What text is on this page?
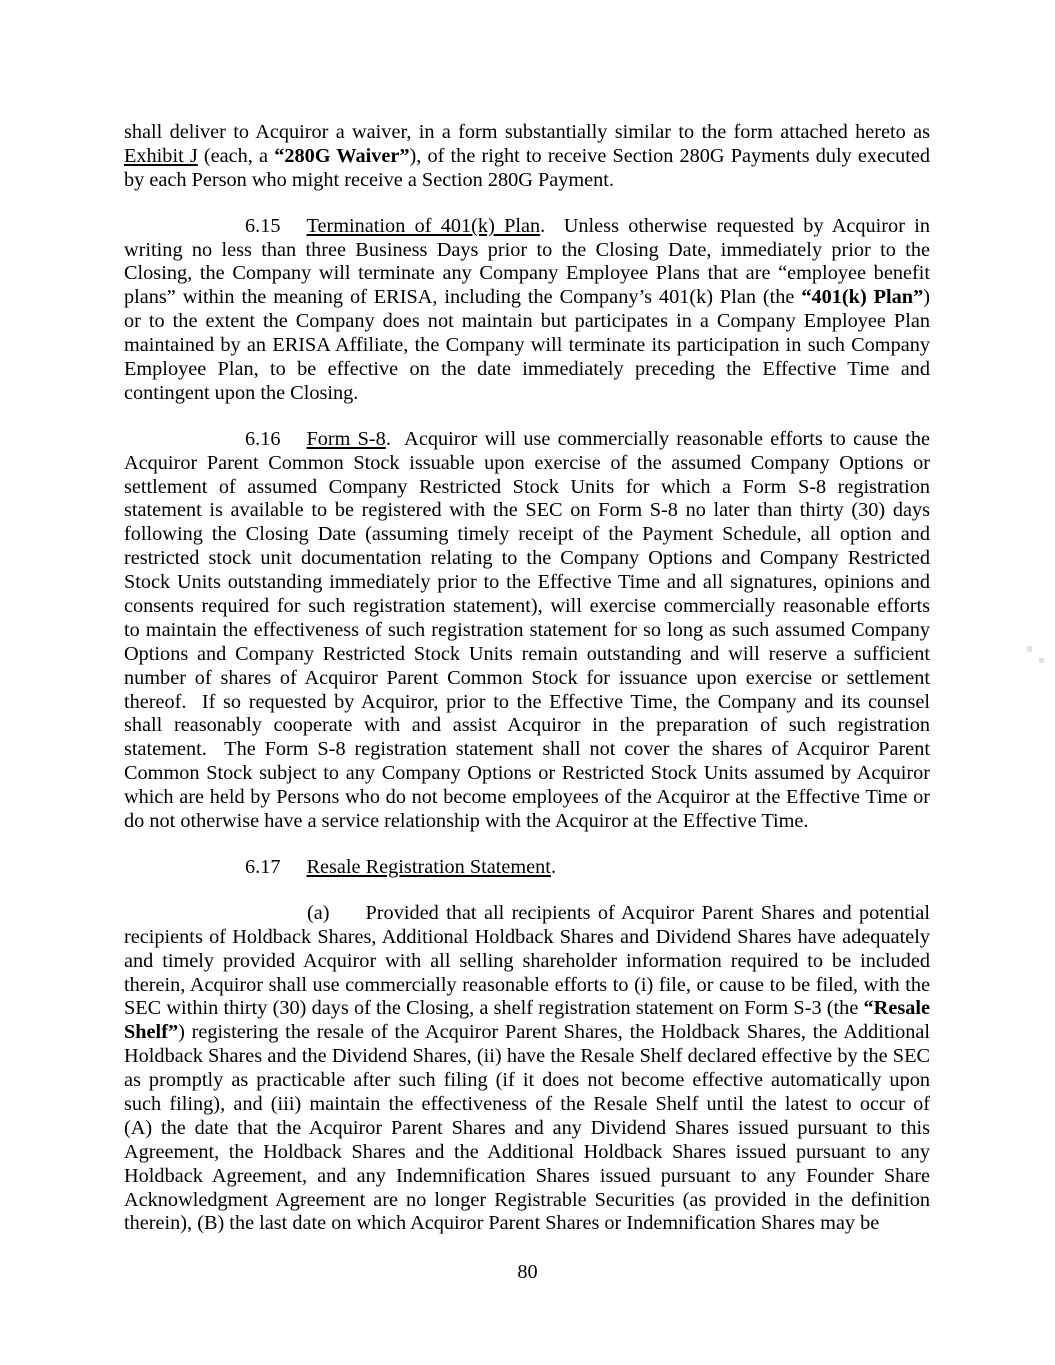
shall deliver to Acquiror a waiver, in a form substantially similar to the form attached hereto as
Exhibit J (each, a “280G Waiver”), of the right to receive Section 280G Payments duly executed
by each Person who might receive a Section 280G Payment.
6.15 Termination of 401(k) Plan.  Unless otherwise requested by Acquiror in
writing no less than three Business Days prior to the Closing Date, immediately prior to the
Closing, the Company will terminate any Company Employee Plans that are “employee benefit
plans” within the meaning of ERISA, including the Company’s 401(k) Plan (the “401(k) Plan”)
or to the extent the Company does not maintain but participates in a Company Employee Plan
maintained by an ERISA Affiliate, the Company will terminate its participation in such Company
Employee Plan, to be effective on the date immediately preceding the Effective Time and
contingent upon the Closing.
6.16 Form S-8.  Acquiror will use commercially reasonable efforts to cause the
Acquiror Parent Common Stock issuable upon exercise of the assumed Company Options or
settlement of assumed Company Restricted Stock Units for which a Form S-8 registration
statement is available to be registered with the SEC on Form S-8 no later than thirty (30) days
following the Closing Date (assuming timely receipt of the Payment Schedule, all option and
restricted stock unit documentation relating to the Company Options and Company Restricted
Stock Units outstanding immediately prior to the Effective Time and all signatures, opinions and
consents required for such registration statement), will exercise commercially reasonable efforts
to maintain the effectiveness of such registration statement for so long as such assumed Company
Options and Company Restricted Stock Units remain outstanding and will reserve a sufficient
number of shares of Acquiror Parent Common Stock for issuance upon exercise or settlement
thereof.  If so requested by Acquiror, prior to the Effective Time, the Company and its counsel
shall reasonably cooperate with and assist Acquiror in the preparation of such registration
statement.  The Form S-8 registration statement shall not cover the shares of Acquiror Parent
Common Stock subject to any Company Options or Restricted Stock Units assumed by Acquiror
which are held by Persons who do not become employees of the Acquiror at the Effective Time or
do not otherwise have a service relationship with the Acquiror at the Effective Time.
6.17 Resale Registration Statement.
(a) Provided that all recipients of Acquiror Parent Shares and potential
recipients of Holdback Shares, Additional Holdback Shares and Dividend Shares have adequately
and timely provided Acquiror with all selling shareholder information required to be included
therein, Acquiror shall use commercially reasonable efforts to (i) file, or cause to be filed, with the
SEC within thirty (30) days of the Closing, a shelf registration statement on Form S-3 (the “Resale
Shelf”) registering the resale of the Acquiror Parent Shares, the Holdback Shares, the Additional
Holdback Shares and the Dividend Shares, (ii) have the Resale Shelf declared effective by the SEC
as promptly as practicable after such filing (if it does not become effective automatically upon
such filing), and (iii) maintain the effectiveness of the Resale Shelf until the latest to occur of
(A) the date that the Acquiror Parent Shares and any Dividend Shares issued pursuant to this
Agreement, the Holdback Shares and the Additional Holdback Shares issued pursuant to any
Holdback Agreement, and any Indemnification Shares issued pursuant to any Founder Share
Acknowledgment Agreement are no longer Registrable Securities (as provided in the definition
therein), (B) the last date on which Acquiror Parent Shares or Indemnification Shares may be
80
